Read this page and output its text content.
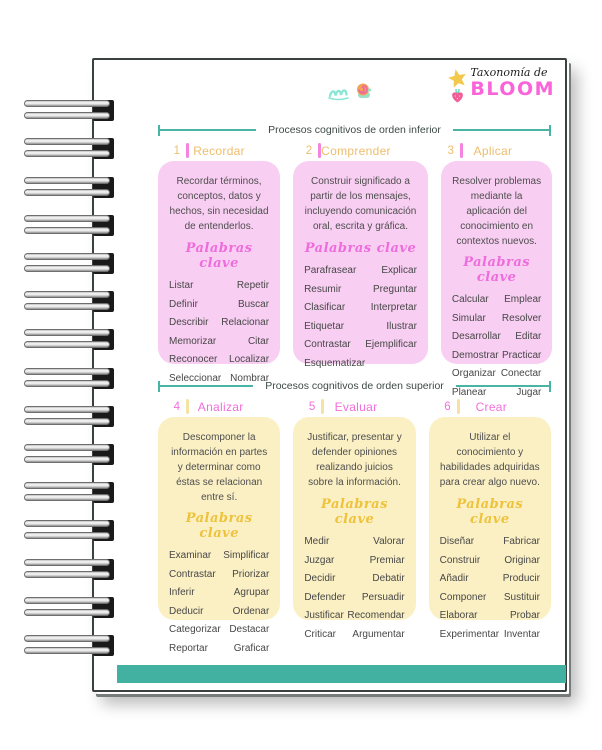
Taxonomía de
BLOOM
Procesos cognitivos de orden inferior
1	Recordar	2 Comprender	3	Aplicar
Recordar términos, conceptos, datos y hechos, sin necesidad de entenderlos.
Palabras clave
Listar	Repetir
Definir	Buscar
Describir	Relacionar
Memorizar	Citar
Reconocer	Localizar
Seleccionar Nombrar
Construir significado a partir de los mensajes, incluyendo comunicación oral, escrita y gráfica.
Palabras clave
Parafrasear	Explicar
Resumir	Preguntar
Clasificar	Interpretar
Etiquetar	Ilustrar
Contrastar	Ejemplificar
Esquematizar
Resolver problemas mediante la aplicación del conocimiento en contextos nuevos.
Palabras clave
Calcular	Emplear
Simular	Resolver
Desarrollar	Editar
Demostrar Practicar
Organizar Conectar
Planear	Jugar
Procesos cognitivos de orden superior
4	Analizar	5	Evaluar	6	Crear
Descomponer la información en partes y determinar como éstas se relacionan entre sí.
Palabras clave
Examinar	Simplificar
Contrastar	Priorizar
Inferir	Agrupar
Deducir	Ordenar
Categorizar Destacar
Reportar	Graficar
Justificar, presentar y defender opiniones realizando juicios sobre la información.
Palabras clave
Medir	Valorar
Juzgar	Premiar
Decidir	Debatir
Defender	Persuadir
Justificar Recomendar
Criticar	Argumentar
Utilizar el conocimiento y habilidades adquiridas para crear algo nuevo.
Palabras clave
Diseñar	Fabricar
Construir	Originar
Añadir	Producir
Componer	Sustituir
Elaborar	Probar
Experimentar Inventar
